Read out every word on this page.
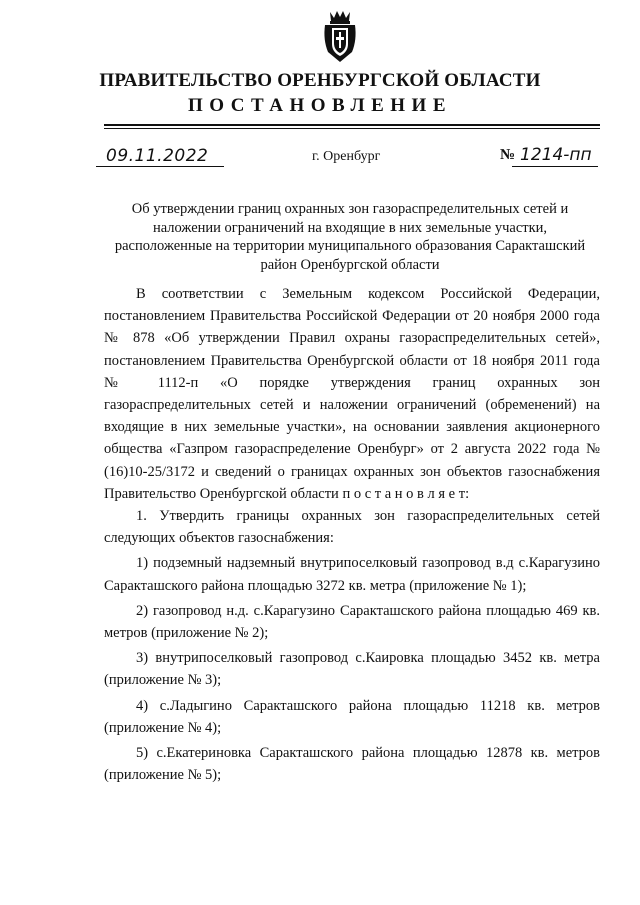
ПРАВИТЕЛЬСТВО ОРЕНБУРГСКОЙ ОБЛАСТИ
ПОСТАНОВЛЕНИЕ
09.11.2022	г. Оренбург	№ 1214-пп
Об утверждении границ охранных зон газораспределительных сетей и наложении ограничений на входящие в них земельные участки, расположенные на территории муниципального образования Саракташский район Оренбургской области

В соответствии с Земельным кодексом Российской Федерации, постановлением Правительства Российской Федерации от 20 ноября 2000 года № 878 «Об утверждении Правил охраны газораспределительных сетей», постановлением Правительства Оренбургской области от 18 ноября 2011 года № 1112-п «О порядке утверждения границ охранных зон газораспределительных сетей и наложении ограничений (обременений) на входящие в них земельные участки», на основании заявления акционерного общества «Газпром газораспределение Оренбург» от 2 августа 2022 года № (16)10-25/3172 и сведений о границах охранных зон объектов газоснабжения Правительство Оренбургской области п о с т а н о в л я е т:

1. Утвердить границы охранных зон газораспределительных сетей следующих объектов газоснабжения:

1) подземный надземный внутрипоселковый газопровод в.д с.Карагузино Саракташского района площадью 3272 кв. метра (приложение № 1);

2) газопровод н.д. с.Карагузино Саракташского района площадью 469 кв. метров (приложение № 2);

3) внутрипоселковый газопровод с.Каировка площадью 3452 кв. метра (приложение № 3);

4) с.Ладыгино Саракташского района площадью 11218 кв. метров (приложение № 4);

5) с.Екатериновка Саракташского района площадью 12878 кв. метров (приложение № 5);
